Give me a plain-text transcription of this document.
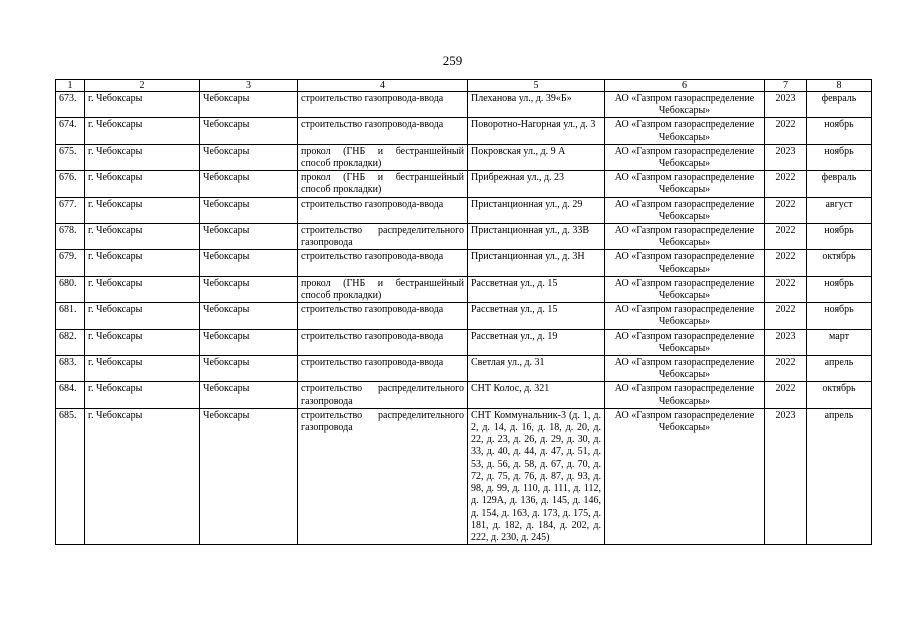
259
1	2	3	4	5	6	7	8
673.	г. Чебоксары	Чебоксары	строительство газопровода-ввода	Плеханова ул., д. 39«Б»	АО «Газпром газораспределение Чебоксары»	2023	февраль
674.	г. Чебоксары	Чебоксары	строительство газопровода-ввода	Поворотно-Нагорная ул., д. 3	АО «Газпром газораспределение Чебоксары»	2022	ноябрь
675.	г. Чебоксары	Чебоксары	прокол (ГНБ и бестраншейный способ прокладки)	Покровская ул., д. 9 А	АО «Газпром газораспределение Чебоксары»	2023	ноябрь
676.	г. Чебоксары	Чебоксары	прокол (ГНБ и бестраншейный способ прокладки)	Прибрежная ул., д. 23	АО «Газпром газораспределение Чебоксары»	2022	февраль
677.	г. Чебоксары	Чебоксары	строительство газопровода-ввода	Пристанционная ул., д. 29	АО «Газпром газораспределение Чебоксары»	2022	август
678.	г. Чебоксары	Чебоксары	строительство распределительного газопровода	Пристанционная ул., д. 33В	АО «Газпром газораспределение Чебоксары»	2022	ноябрь
679.	г. Чебоксары	Чебоксары	строительство газопровода-ввода	Пристанционная ул., д. 3Н	АО «Газпром газораспределение Чебоксары»	2022	октябрь
680.	г. Чебоксары	Чебоксары	прокол (ГНБ и бестраншейный способ прокладки)	Рассветная ул., д. 15	АО «Газпром газораспределение Чебоксары»	2022	ноябрь
681.	г. Чебоксары	Чебоксары	строительство газопровода-ввода	Рассветная ул., д. 15	АО «Газпром газораспределение Чебоксары»	2022	ноябрь
682.	г. Чебоксары	Чебоксары	строительство газопровода-ввода	Рассветная ул., д. 19	АО «Газпром газораспределение Чебоксары»	2023	март
683.	г. Чебоксары	Чебоксары	строительство газопровода-ввода	Светлая ул., д. 31	АО «Газпром газораспределение Чебоксары»	2022	апрель
684.	г. Чебоксары	Чебоксары	строительство распределительного газопровода	СНТ Колос, д. 321	АО «Газпром газораспределение Чебоксары»	2022	октябрь
685.	г. Чебоксары	Чебоксары	строительство распределительного газопровода	СНТ Коммунальник-3 (д. 1, д. 2, д. 14, д. 16, д. 18, д. 20, д. 22, д. 23, д. 26, д. 29, д. 30, д. 33, д. 40, д. 44, д. 47, д. 51, д. 53, д. 56, д. 58, д. 67, д. 70, д. 72, д. 75, д. 76, д. 87, д. 93, д. 98, д. 99, д. 110, д. 111, д. 112, д. 129А, д. 136, д. 145, д. 146, д. 154, д. 163, д. 173, д. 175, д. 181, д. 182, д. 184, д. 202, д. 222, д. 230, д. 245)	АО «Газпром газораспределение Чебоксары»	2023	апрель
